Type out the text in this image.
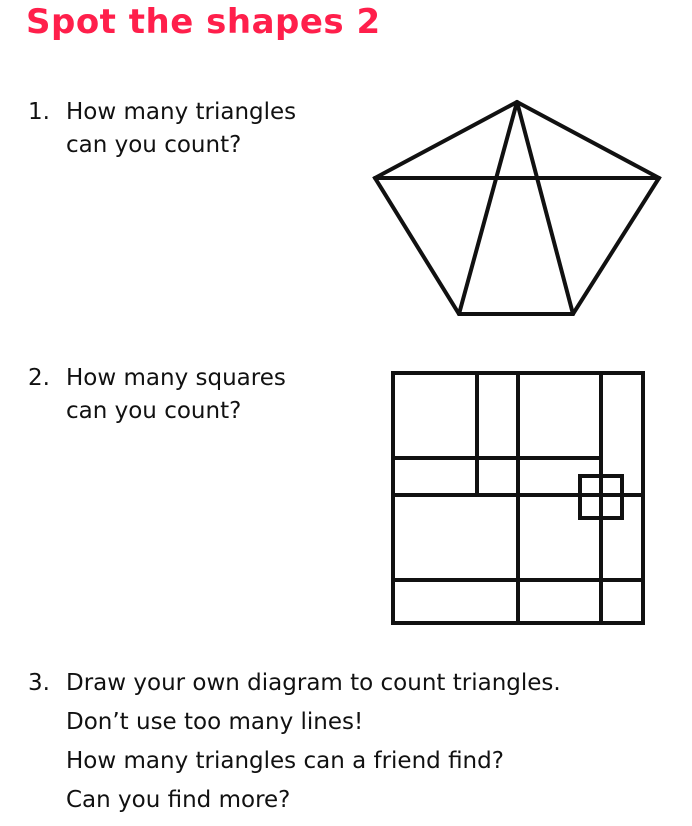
Spot the shapes 2
1. How many triangles
can you count?
2. How many squares
can you count?
3. Draw your own diagram to count triangles.
Don’t use too many lines!
How many triangles can a friend find?
Can you find more?
